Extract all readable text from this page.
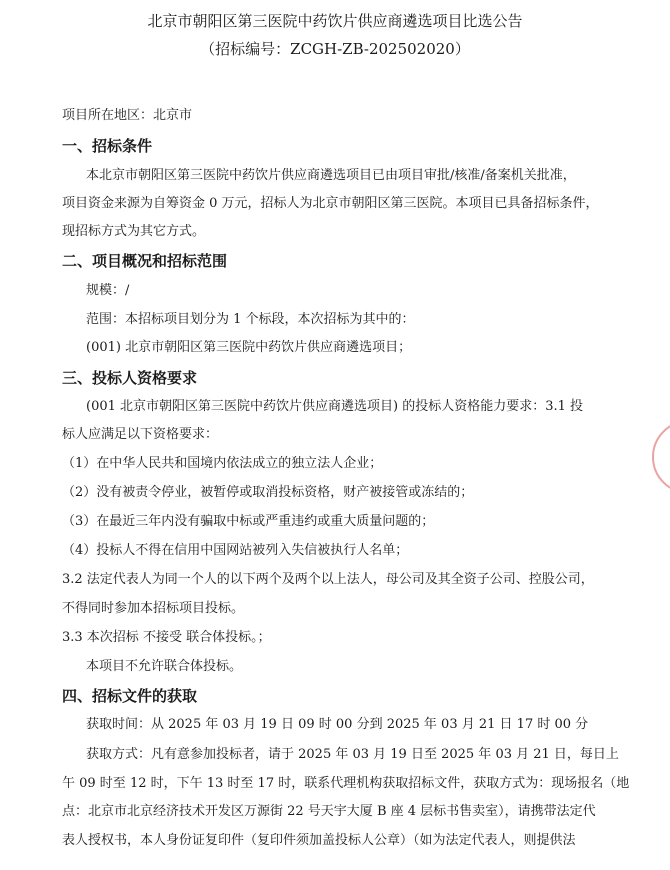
北京市朝阳区第三医院中药饮片供应商遴选项目比选公告
（招标编号：ZCGH-ZB-202502020）
项目所在地区：北京市
一、招标条件
本北京市朝阳区第三医院中药饮片供应商遴选项目已由项目审批/核准/备案机关批准，
项目资金来源为自筹资金 0 万元，招标人为北京市朝阳区第三医院。本项目已具备招标条件，
现招标方式为其它方式。
二、项目概况和招标范围
规模：/
范围：本招标项目划分为 1 个标段，本次招标为其中的：
(001) 北京市朝阳区第三医院中药饮片供应商遴选项目；
三、投标人资格要求
(001 北京市朝阳区第三医院中药饮片供应商遴选项目) 的投标人资格能力要求：3.1 投
标人应满足以下资格要求：
（1）在中华人民共和国境内依法成立的独立法人企业；
（2）没有被责令停业，被暂停或取消投标资格，财产被接管或冻结的；
（3）在最近三年内没有骗取中标或严重违约或重大质量问题的；
（4）投标人不得在信用中国网站被列入失信被执行人名单；
3.2 法定代表人为同一个人的以下两个及两个以上法人，母公司及其全资子公司、控股公司，
不得同时参加本招标项目投标。
3.3 本次招标 不接受 联合体投标。；
本项目不允许联合体投标。
四、招标文件的获取
获取时间：从 2025 年 03 月 19 日 09 时 00 分到 2025 年 03 月 21 日 17 时 00 分
获取方式：凡有意参加投标者，请于 2025 年 03 月 19 日至 2025 年 03 月 21 日，每日上
午 09 时至 12 时，下午 13 时至 17 时，联系代理机构获取招标文件，获取方式为：现场报名（地
点：北京市北京经济技术开发区万源街 22 号天宇大厦 B 座 4 层标书售卖室），请携带法定代
表人授权书，本人身份证复印件（复印件须加盖投标人公章）（如为法定代表人，则提供法
